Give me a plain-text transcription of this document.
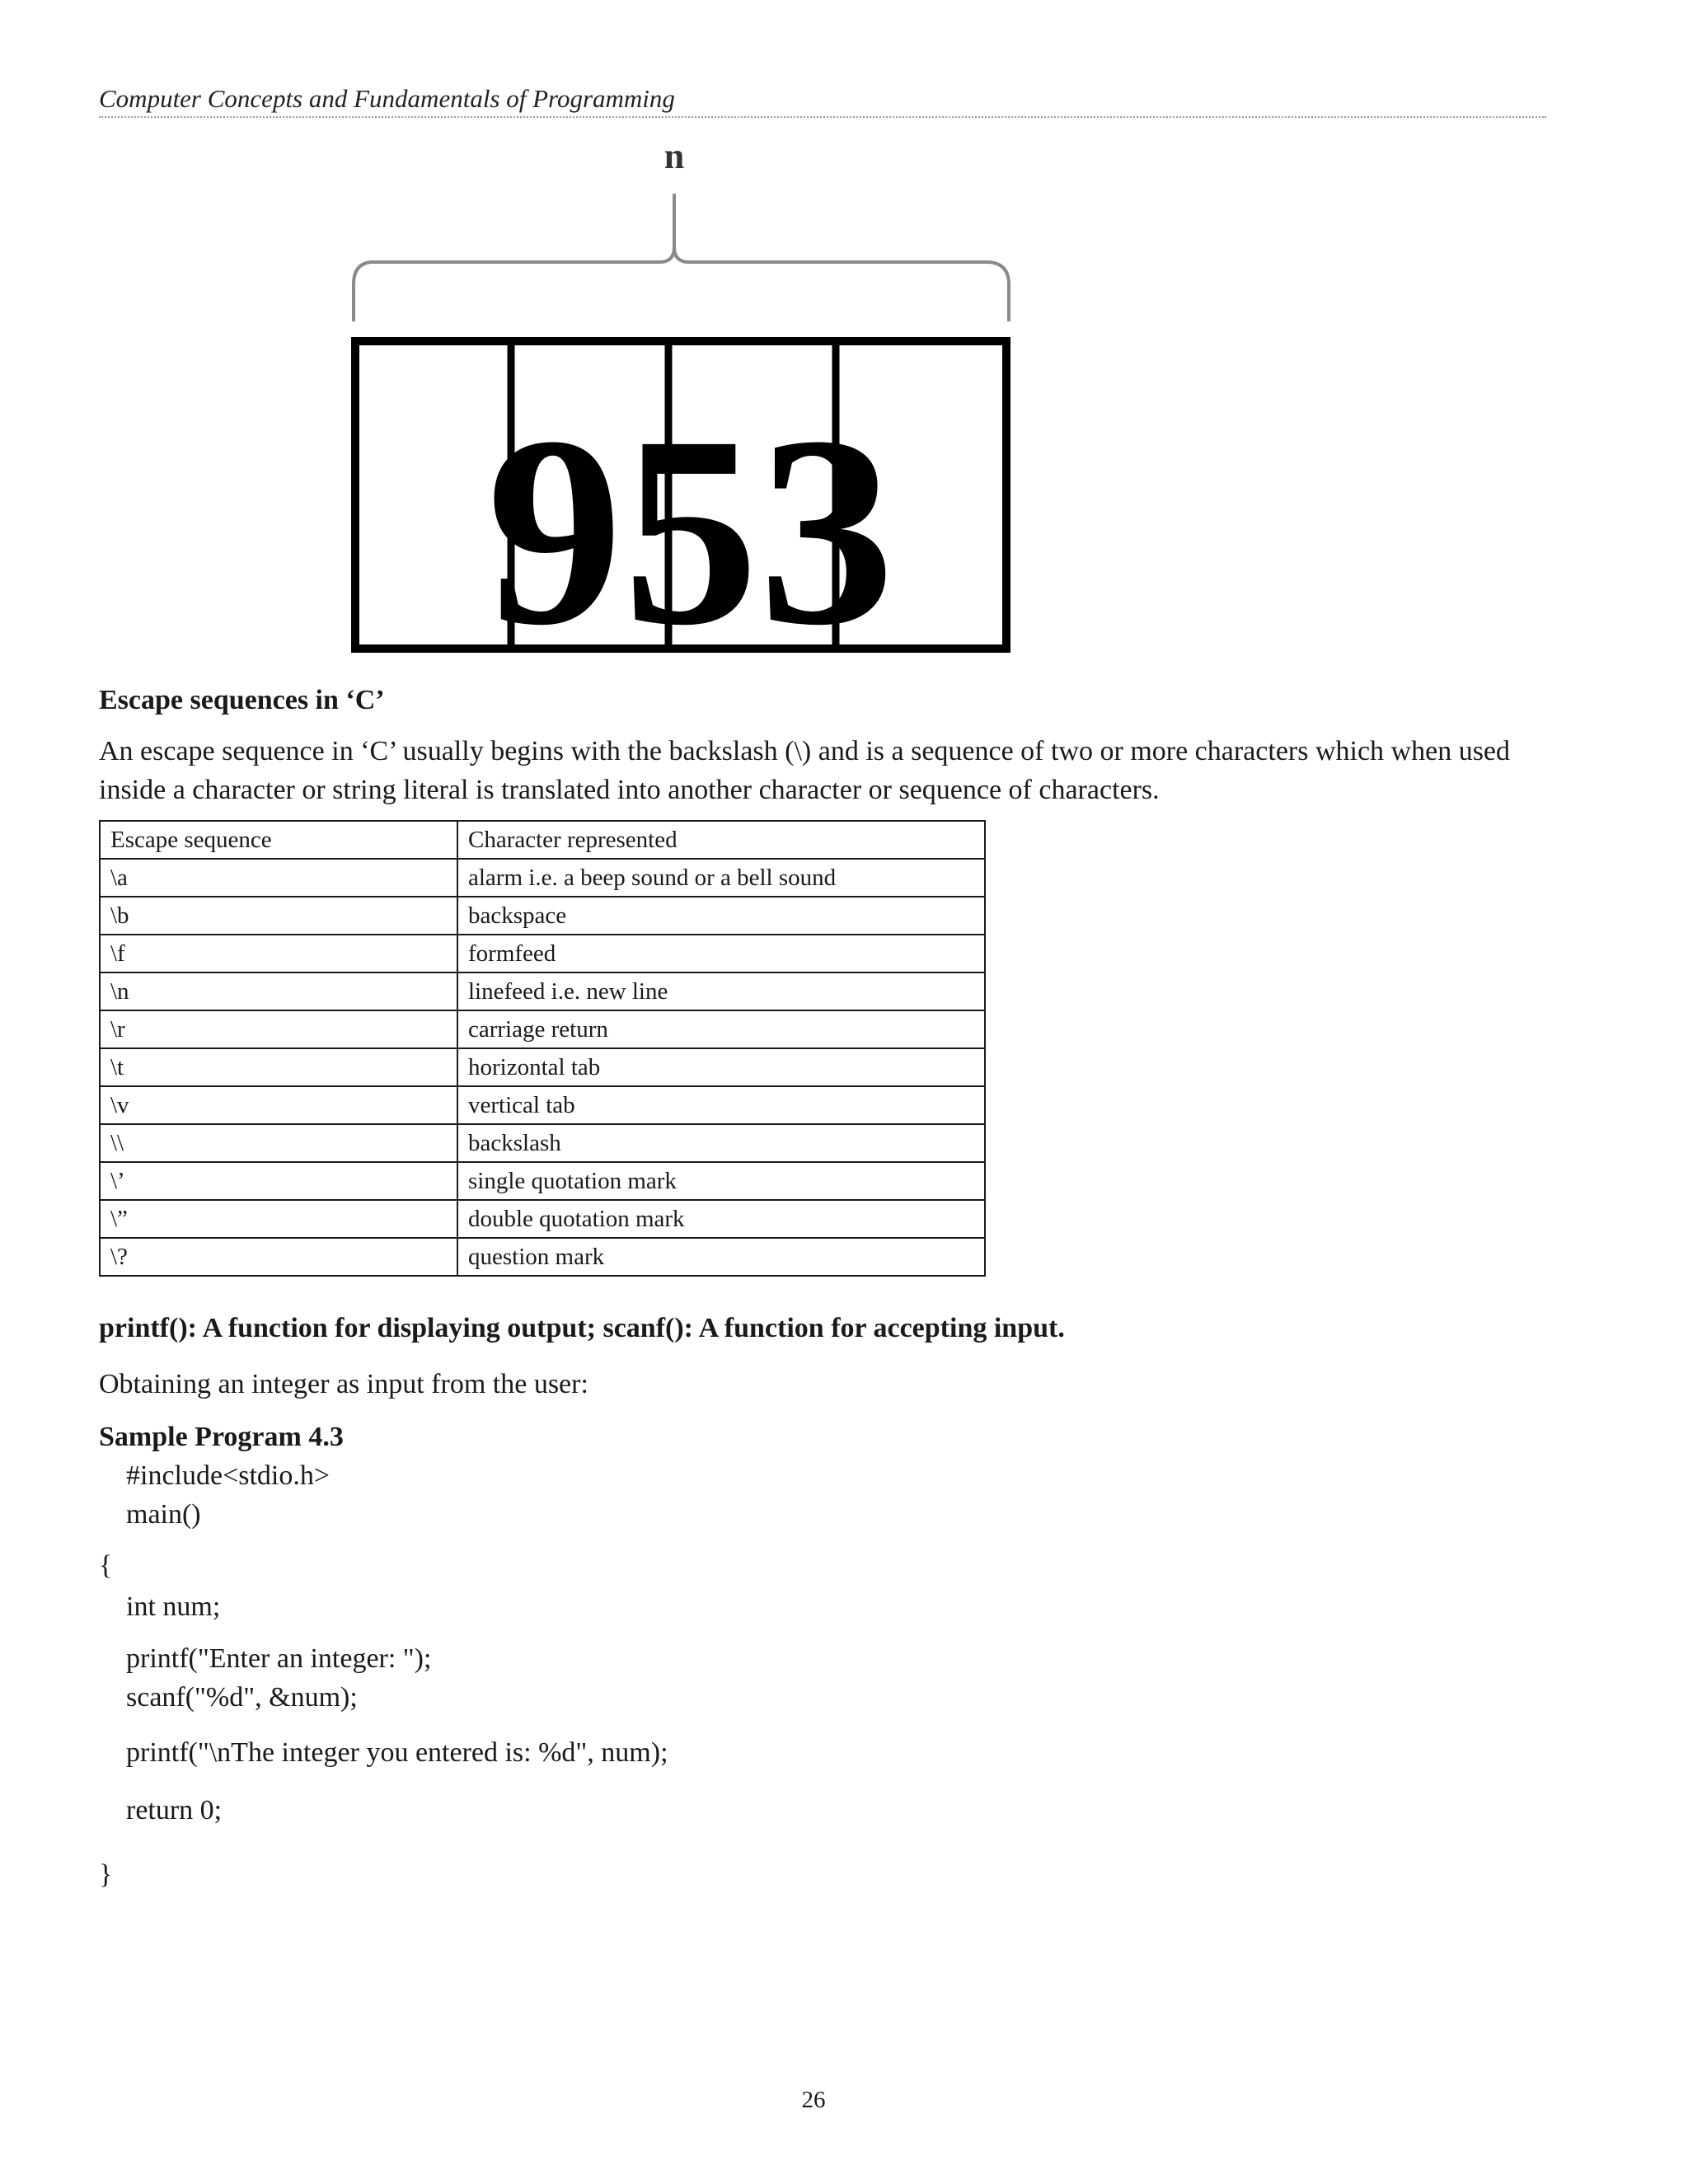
Computer Concepts and Fundamentals of Programming
n
953
Escape sequences in ‘C’

An escape sequence in ‘C’ usually begins with the backslash (\) and is a sequence of two or more characters which when used inside a character or string literal is translated into another character or sequence of characters.

Escape sequence	Character represented
\a	alarm i.e. a beep sound or a bell sound
\b	backspace
\f	formfeed
\n	linefeed i.e. new line
\r	carriage return
\t	horizontal tab
\v	vertical tab
\\	backslash
\’	single quotation mark
\”	double quotation mark
\?	question mark

printf(): A function for displaying output; scanf(): A function for accepting input.

Obtaining an integer as input from the user:

Sample Program 4.3

#include<stdio.h>
main()
{
int num;
printf("Enter an integer: ");
scanf("%d", &num);
printf("\nThe integer you entered is: %d", num);
return 0;
}
26
